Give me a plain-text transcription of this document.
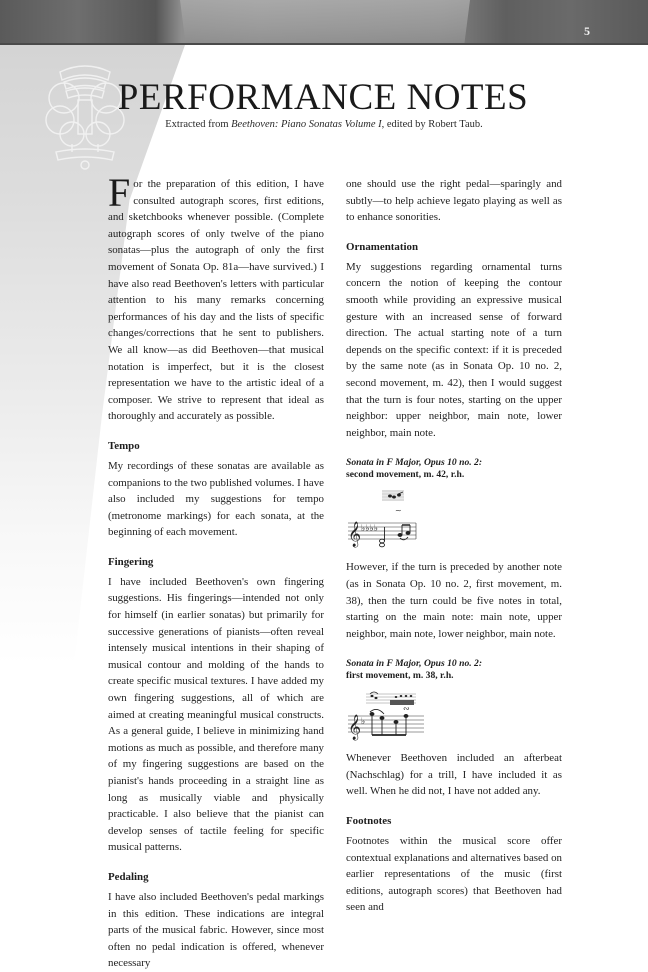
5
PERFORMANCE NOTES
Extracted from Beethoven: Piano Sonatas Volume I, edited by Robert Taub.

For the preparation of this edition, I have consulted autograph scores, first editions, and sketchbooks whenever possible. (Complete autograph scores of only twelve of the piano sonatas—plus the autograph of only the first movement of Sonata Op. 81a—have survived.) I have also read Beethoven's letters with particular attention to his many remarks concerning performances of his day and the lists of specific changes/corrections that he sent to publishers. We all know—as did Beethoven—that musical notation is imperfect, but it is the closest representation we have to the artistic ideal of a composer. We strive to represent that ideal as thoroughly and accurately as possible.

Tempo

My recordings of these sonatas are available as companions to the two published volumes. I have also included my suggestions for tempo (metronome markings) for each sonata, at the beginning of each movement.

Fingering

I have included Beethoven's own fingering suggestions. His fingerings—intended not only for himself (in earlier sonatas) but primarily for successive generations of pianists—often reveal intensely musical intentions in their shaping of musical contour and molding of the hands to create specific musical textures. I have added my own fingering suggestions, all of which are aimed at creating meaningful musical constructs. As a general guide, I believe in minimizing hand motions as much as possible, and therefore many of my fingering suggestions are based on the pianist's hands proceeding in a straight line as long as musically viable and physically practicable. I also believe that the pianist can develop senses of tactile feeling for specific musical patterns.

Pedaling

I have also included Beethoven's pedal markings in this edition. These indications are integral parts of the musical fabric. However, since most often no pedal indication is offered, whenever necessary

one should use the right pedal—sparingly and subtly—to help achieve legato playing as well as to enhance sonorities.

Ornamentation

My suggestions regarding ornamental turns concern the notion of keeping the contour smooth while providing an expressive musical gesture with an increased sense of forward direction. The actual starting note of a turn depends on the specific context: if it is preceded by the same note (as in Sonata Op. 10 no. 2, second movement, m. 42), then I would suggest that the turn is four notes, starting on the upper neighbor: upper neighbor, main note, lower neighbor, main note.

Sonata in F Major, Opus 10 no. 2:
second movement, m. 42, r.h.
~
𝄞 ♭♭♭♭

However, if the turn is preceded by another note (as in Sonata Op. 10 no. 2, first movement, m. 38), then the turn could be five notes in total, starting on the main note: main note, upper neighbor, main note, lower neighbor, main note.

Sonata in F Major, Opus 10 no. 2:
first movement, m. 38, r.h.
𝄞 ♭
∾

Whenever Beethoven included an afterbeat (Nachschlag) for a trill, I have included it as well. When he did not, I have not added any.

Footnotes

Footnotes within the musical score offer contextual explanations and alternatives based on earlier representations of the music (first editions, autograph scores) that Beethoven had seen and
